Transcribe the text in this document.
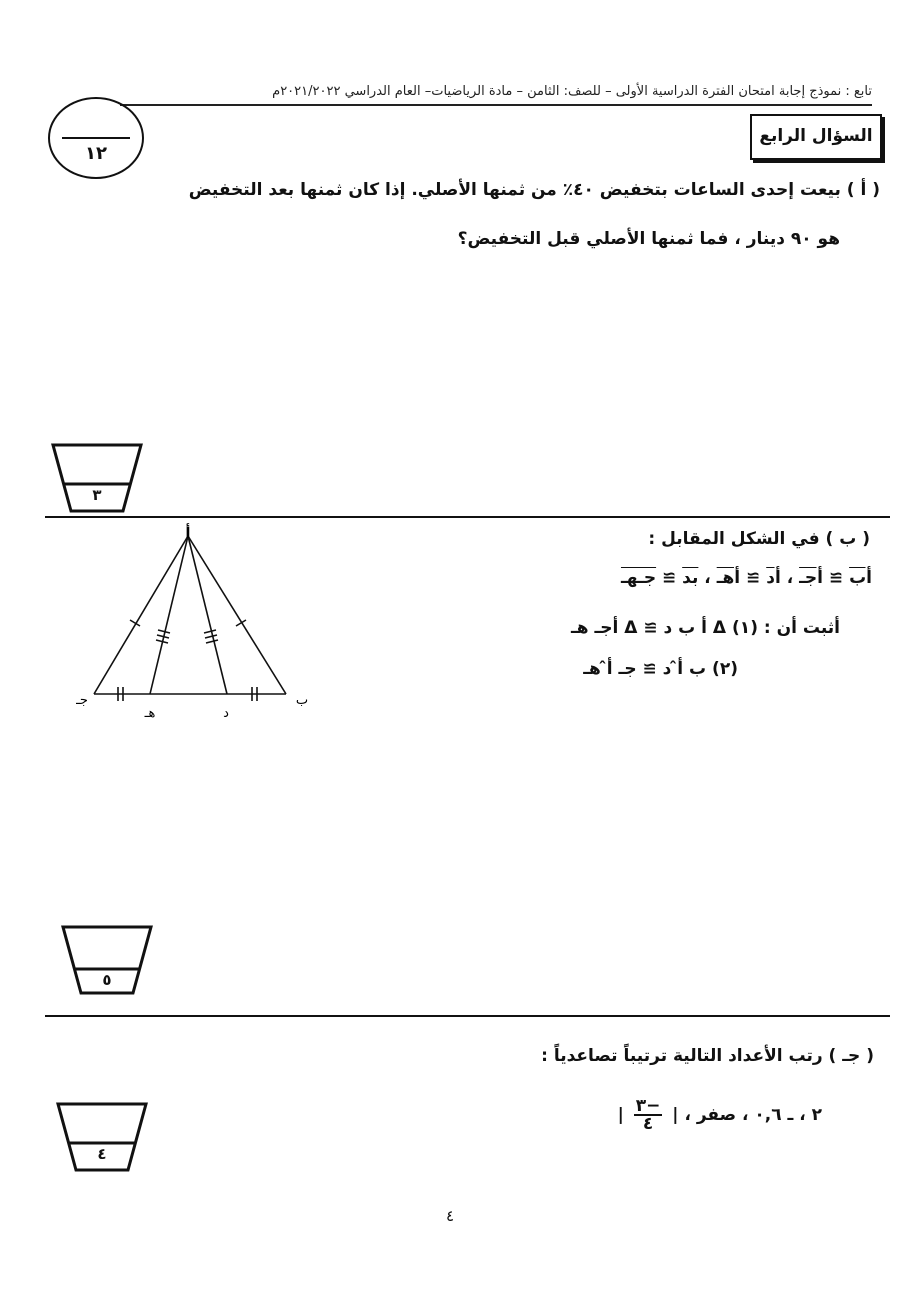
تابع : نموذج إجابة امتحان الفترة الدراسية الأولى – للصف: الثامن – مادة الرياضيات– العام الدراسي ٢٠٢١/٢٠٢٢م
١٢
السؤال الرابع
( أ ) بيعت إحدى الساعات بتخفيض ٤٠٪ من ثمنها الأصلي. إذا كان ثمنها بعد التخفيض
هو ٩٠ دينار ، فما ثمنها الأصلي قبل التخفيض؟
٣
( ب ) في الشكل المقابل :
أب ≅ أجـ ، أد ≅ أهـ ، بد ≅ جـهـ
أثبت أن : (١) Δ أ ب د ≅ Δ أجـ هـ
(٢) ب أ̂ د ≅ جـ أ̂ هـ
أ
جـ	ب
هـ	د
٥
( جـ ) رتب الأعداد التالية ترتيباً تصاعدياً :
٢ ، ـ ٠,٦ ، صفر ، |
$\frac{-٣}{٤}$
|
٤
٤
